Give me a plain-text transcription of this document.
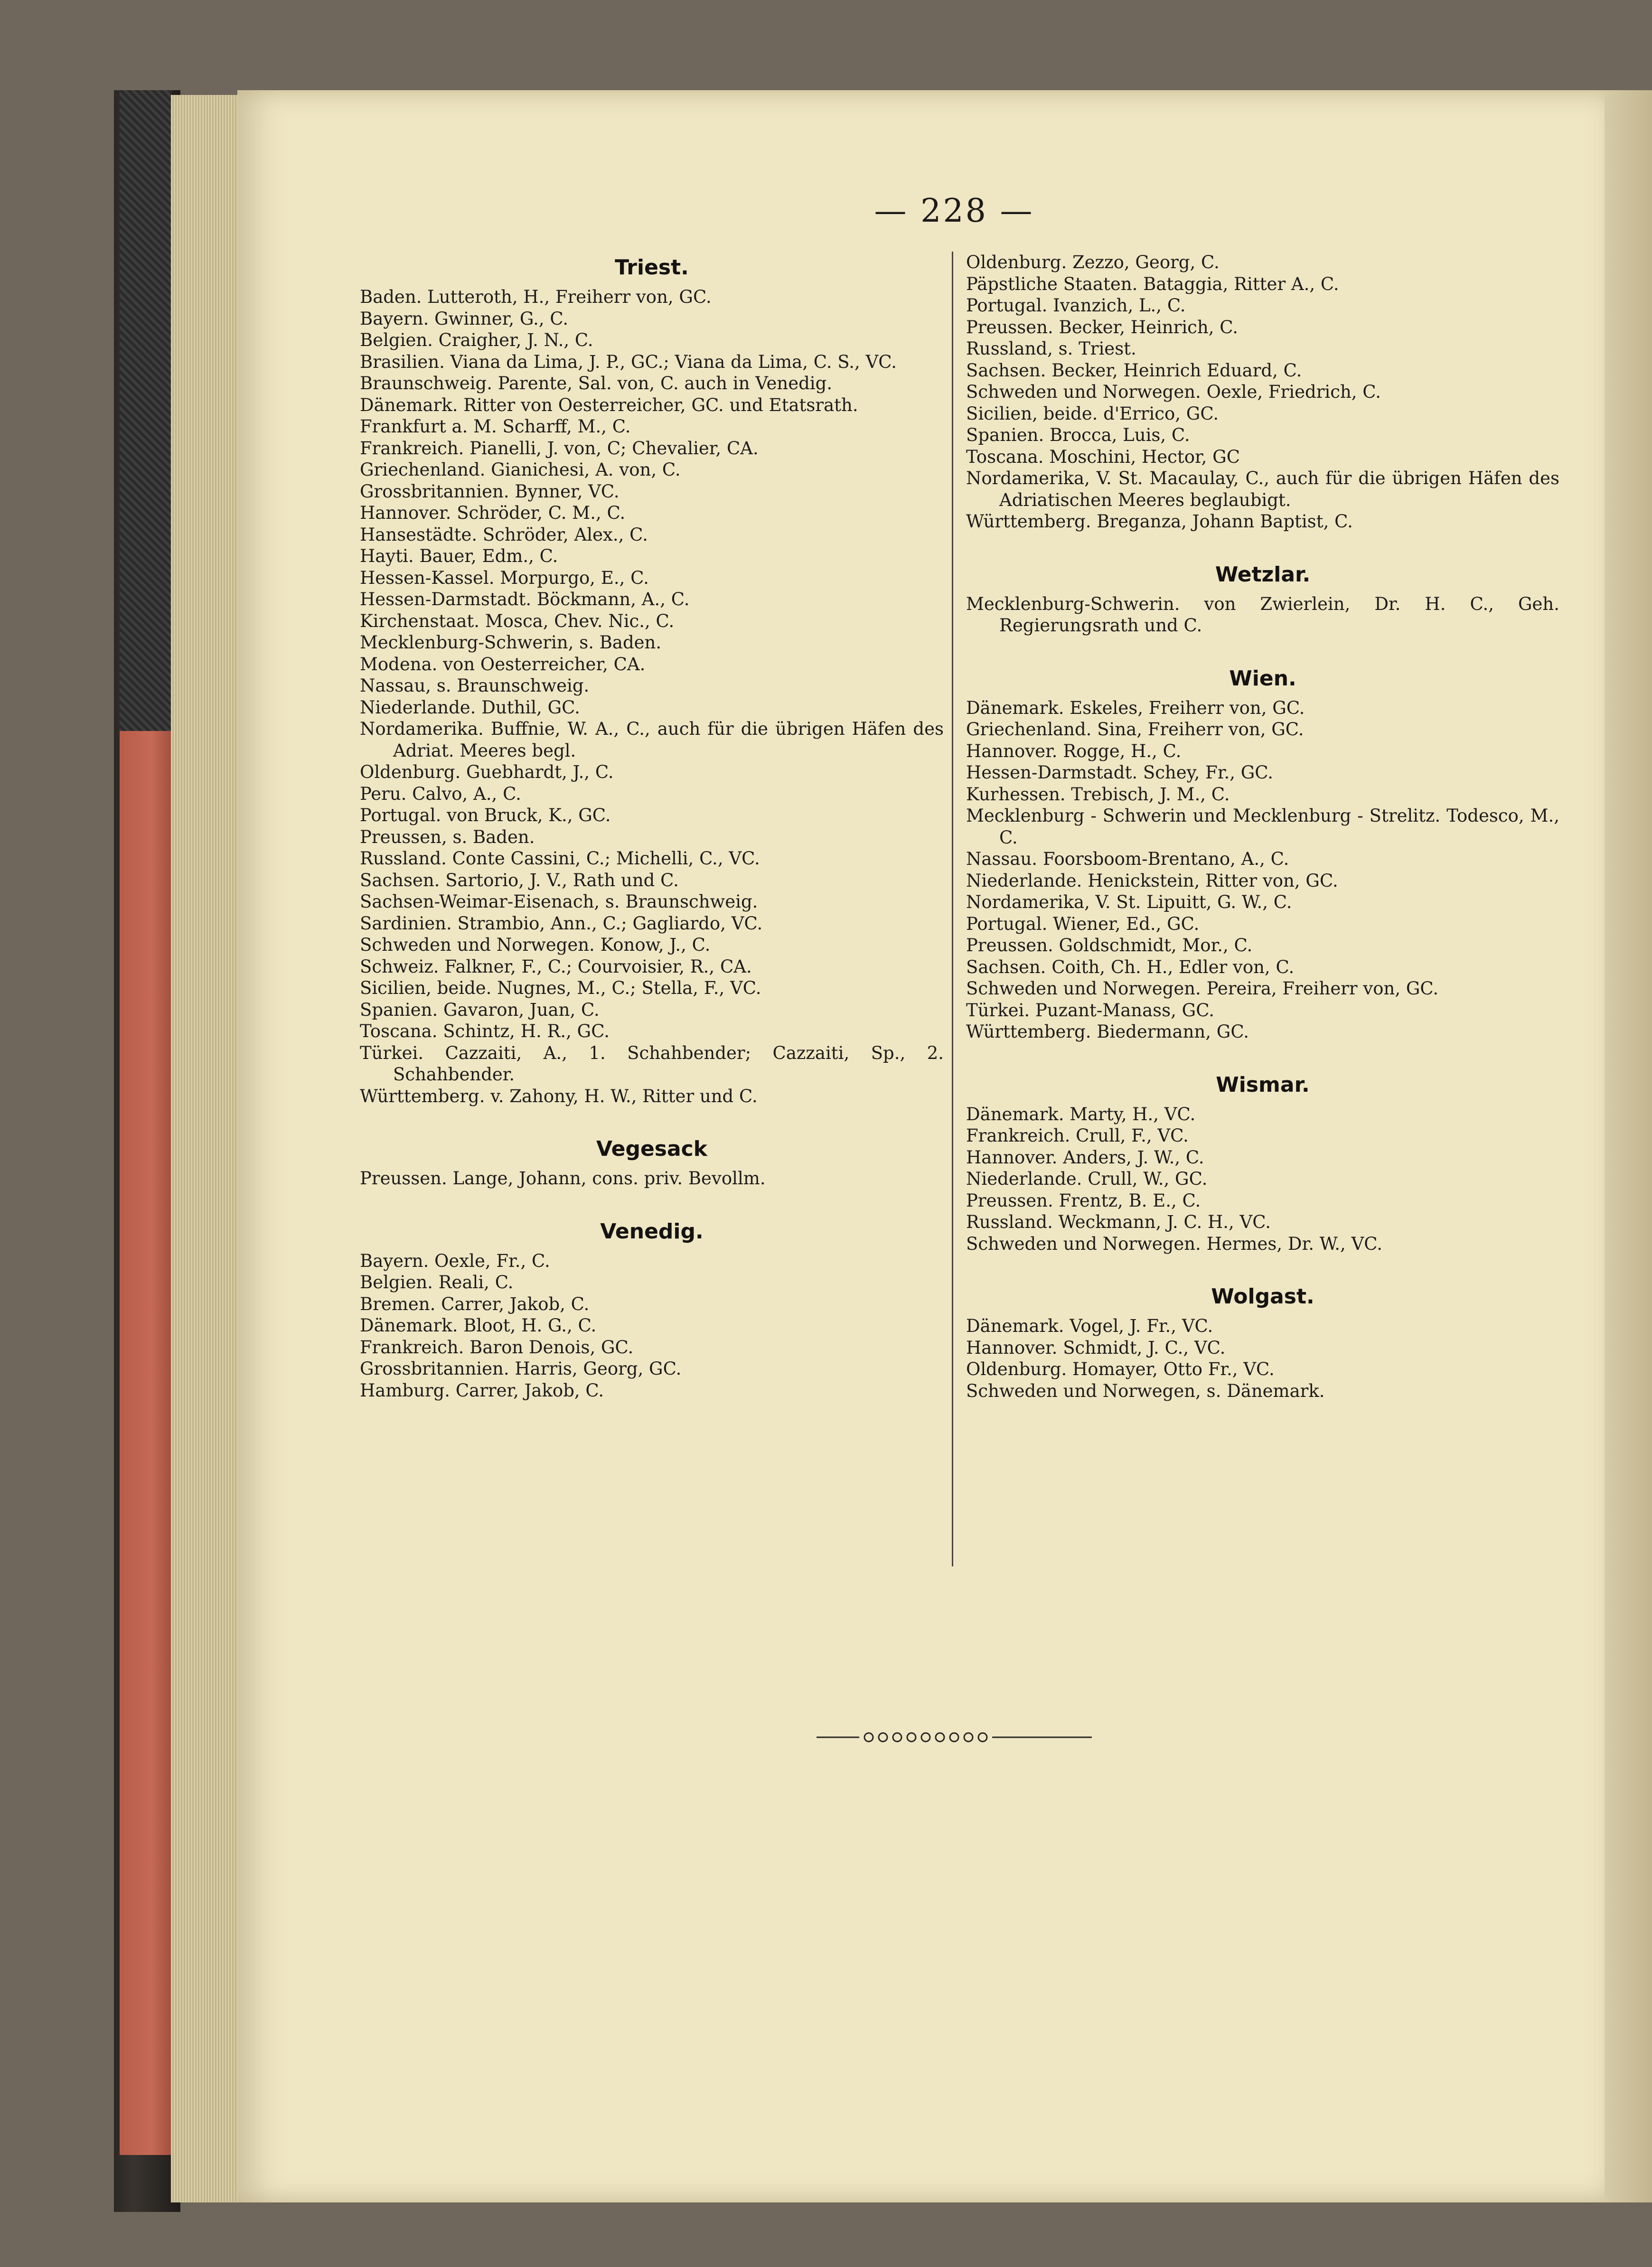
— 228 —
Triest.

Baden. Lutteroth, H., Freiherr von, GC.

Bayern. Gwinner, G., C.

Belgien. Craigher, J. N., C.

Brasilien. Viana da Lima, J. P., GC.; Viana da Lima, C. S., VC.

Braunschweig. Parente, Sal. von, C. auch in Venedig.

Dänemark. Ritter von Oesterreicher, GC. und Etatsrath.

Frankfurt a. M. Scharff, M., C.

Frankreich. Pianelli, J. von, C; Chevalier, CA.

Griechenland. Gianichesi, A. von, C.

Grossbritannien. Bynner, VC.

Hannover. Schröder, C. M., C.

Hansestädte. Schröder, Alex., C.

Hayti. Bauer, Edm., C.

Hessen-Kassel. Morpurgo, E., C.

Hessen-Darmstadt. Böckmann, A., C.

Kirchenstaat. Mosca, Chev. Nic., C.

Mecklenburg-Schwerin, s. Baden.

Modena. von Oesterreicher, CA.

Nassau, s. Braunschweig.

Niederlande. Duthil, GC.

Nordamerika. Buffnie, W. A., C., auch für die übrigen Häfen des Adriat. Meeres begl.

Oldenburg. Guebhardt, J., C.

Peru. Calvo, A., C.

Portugal. von Bruck, K., GC.

Preussen, s. Baden.

Russland. Conte Cassini, C.; Michelli, C., VC.

Sachsen. Sartorio, J. V., Rath und C.

Sachsen-Weimar-Eisenach, s. Braunschweig.

Sardinien. Strambio, Ann., C.; Gagliardo, VC.

Schweden und Norwegen. Konow, J., C.

Schweiz. Falkner, F., C.; Courvoisier, R., CA.

Sicilien, beide. Nugnes, M., C.; Stella, F., VC.

Spanien. Gavaron, Juan, C.

Toscana. Schintz, H. R., GC.

Türkei. Cazzaiti, A., 1. Schahbender; Cazzaiti, Sp., 2. Schahbender.

Württemberg. v. Zahony, H. W., Ritter und C.

Vegesack

Preussen. Lange, Johann, cons. priv. Bevollm.

Venedig.

Bayern. Oexle, Fr., C.

Belgien. Reali, C.

Bremen. Carrer, Jakob, C.

Dänemark. Bloot, H. G., C.

Frankreich. Baron Denois, GC.

Grossbritannien. Harris, Georg, GC.

Hamburg. Carrer, Jakob, C.

Oldenburg. Zezzo, Georg, C.

Päpstliche Staaten. Bataggia, Ritter A., C.

Portugal. Ivanzich, L., C.

Preussen. Becker, Heinrich, C.

Russland, s. Triest.

Sachsen. Becker, Heinrich Eduard, C.

Schweden und Norwegen. Oexle, Friedrich, C.

Sicilien, beide. d'Errico, GC.

Spanien. Brocca, Luis, C.

Toscana. Moschini, Hector, GC

Nordamerika, V. St. Macaulay, C., auch für die übrigen Häfen des Adriatischen Meeres beglaubigt.

Württemberg. Breganza, Johann Baptist, C.

Wetzlar.

Mecklenburg-Schwerin. von Zwierlein, Dr. H. C., Geh. Regierungsrath und C.

Wien.

Dänemark. Eskeles, Freiherr von, GC.

Griechenland. Sina, Freiherr von, GC.

Hannover. Rogge, H., C.

Hessen-Darmstadt. Schey, Fr., GC.

Kurhessen. Trebisch, J. M., C.

Mecklenburg - Schwerin und Mecklenburg - Strelitz. Todesco, M., C.

Nassau. Foorsboom-Brentano, A., C.

Niederlande. Henickstein, Ritter von, GC.

Nordamerika, V. St. Lipuitt, G. W., C.

Portugal. Wiener, Ed., GC.

Preussen. Goldschmidt, Mor., C.

Sachsen. Coith, Ch. H., Edler von, C.

Schweden und Norwegen. Pereira, Freiherr von, GC.

Türkei. Puzant-Manass, GC.

Württemberg. Biedermann, GC.

Wismar.

Dänemark. Marty, H., VC.

Frankreich. Crull, F., VC.

Hannover. Anders, J. W., C.

Niederlande. Crull, W., GC.

Preussen. Frentz, B. E., C.

Russland. Weckmann, J. C. H., VC.

Schweden und Norwegen. Hermes, Dr. W., VC.

Wolgast.

Dänemark. Vogel, J. Fr., VC.

Hannover. Schmidt, J. C., VC.

Oldenburg. Homayer, Otto Fr., VC.

Schweden und Norwegen, s. Dänemark.
